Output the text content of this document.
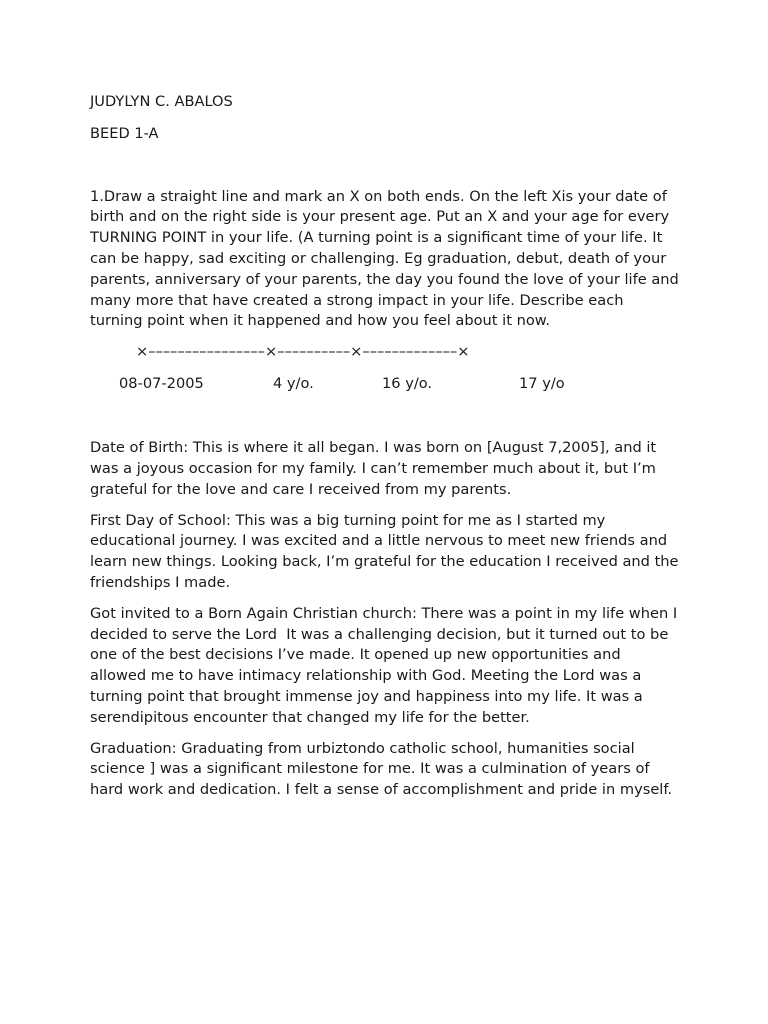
JUDYLYN C. ABALOS

BEED 1-A

1.Draw a straight line and mark an X on both ends. On the left Xis your date of birth and on the right side is your present age. Put an X and your age for every TURNING POINT in your life. (A turning point is a significant time of your life. It can be happy, sad exciting or challenging. Eg graduation, debut, death of your parents, anniversary of your parents, the day you found the love of your life and many more that have created a strong impact in your life. Describe each turning point when it happened and how you feel about it now.

×––––––––––––––––×––––––––––×–––––––––––––×
08-07-2005	4 y/o.	16 y/o.	17 y/o

Date of Birth: This is where it all began. I was born on [August 7,2005], and it was a joyous occasion for my family. I can’t remember much about it, but I’m grateful for the love and care I received from my parents.

First Day of School: This was a big turning point for me as I started my educational journey. I was excited and a little nervous to meet new friends and learn new things. Looking back, I’m grateful for the education I received and the friendships I made.

Got invited to a Born Again Christian church: There was a point in my life when I decided to serve the Lord  It was a challenging decision, but it turned out to be one of the best decisions I’ve made. It opened up new opportunities and allowed me to have intimacy relationship with God. Meeting the Lord was a turning point that brought immense joy and happiness into my life. It was a serendipitous encounter that changed my life for the better.

Graduation: Graduating from urbiztondo catholic school, humanities social science ] was a significant milestone for me. It was a culmination of years of hard work and dedication. I felt a sense of accomplishment and pride in myself.
